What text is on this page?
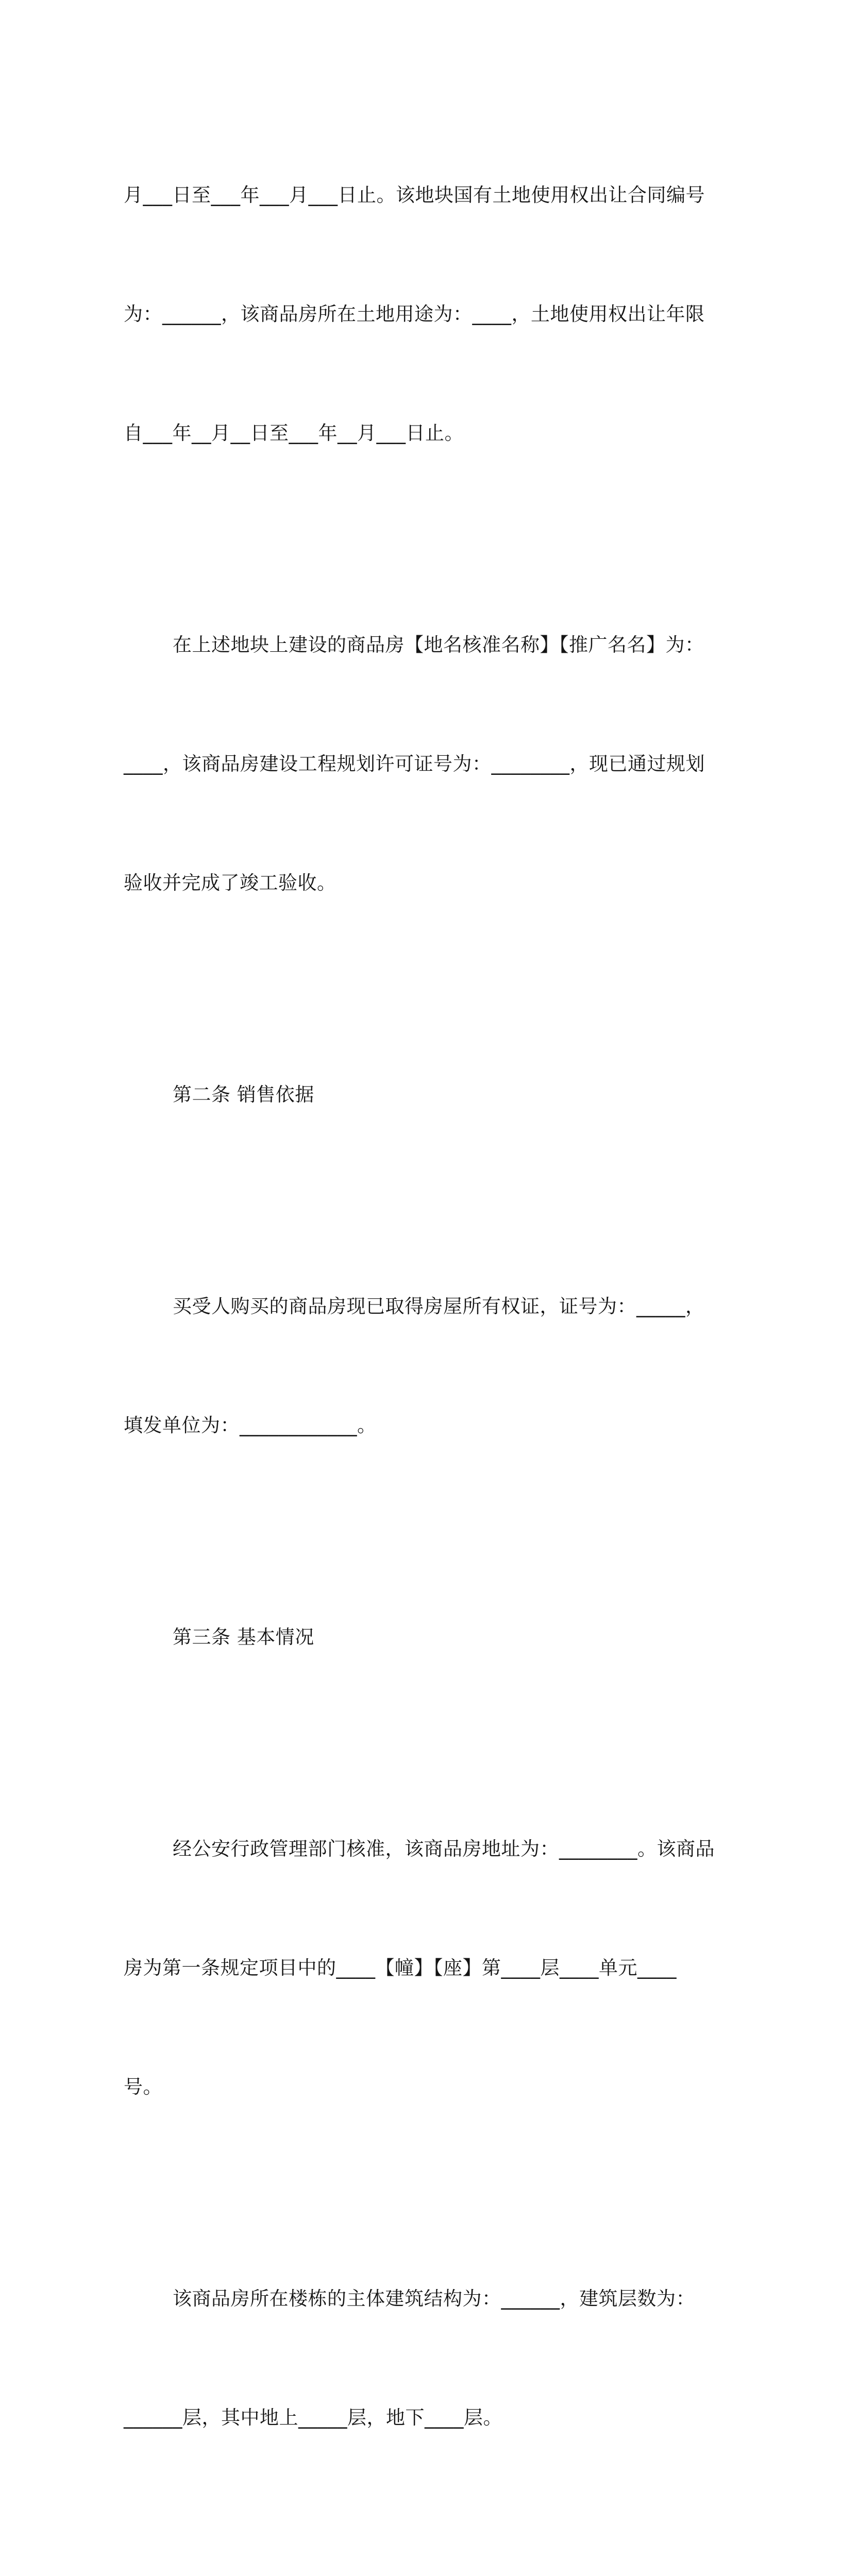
月___日至___年___月___日止。该地块国有土地使用权出让合同编号

为：______，该商品房所在土地用途为：____，土地使用权出让年限

自___年__月__日至___年__月___日止。

在上述地块上建设的商品房【地名核准名称】【推广名名】为：

____，该商品房建设工程规划许可证号为：________，现已通过规划

验收并完成了竣工验收。

第二条 销售依据

买受人购买的商品房现已取得房屋所有权证，证号为：_____，

填发单位为：____________。

第三条 基本情况

经公安行政管理部门核准，该商品房地址为：________。该商品

房为第一条规定项目中的____【幢】【座】第____层____单元____

号。

该商品房所在楼栋的主体建筑结构为：______，建筑层数为：

______层，其中地上_____层，地下____层。
